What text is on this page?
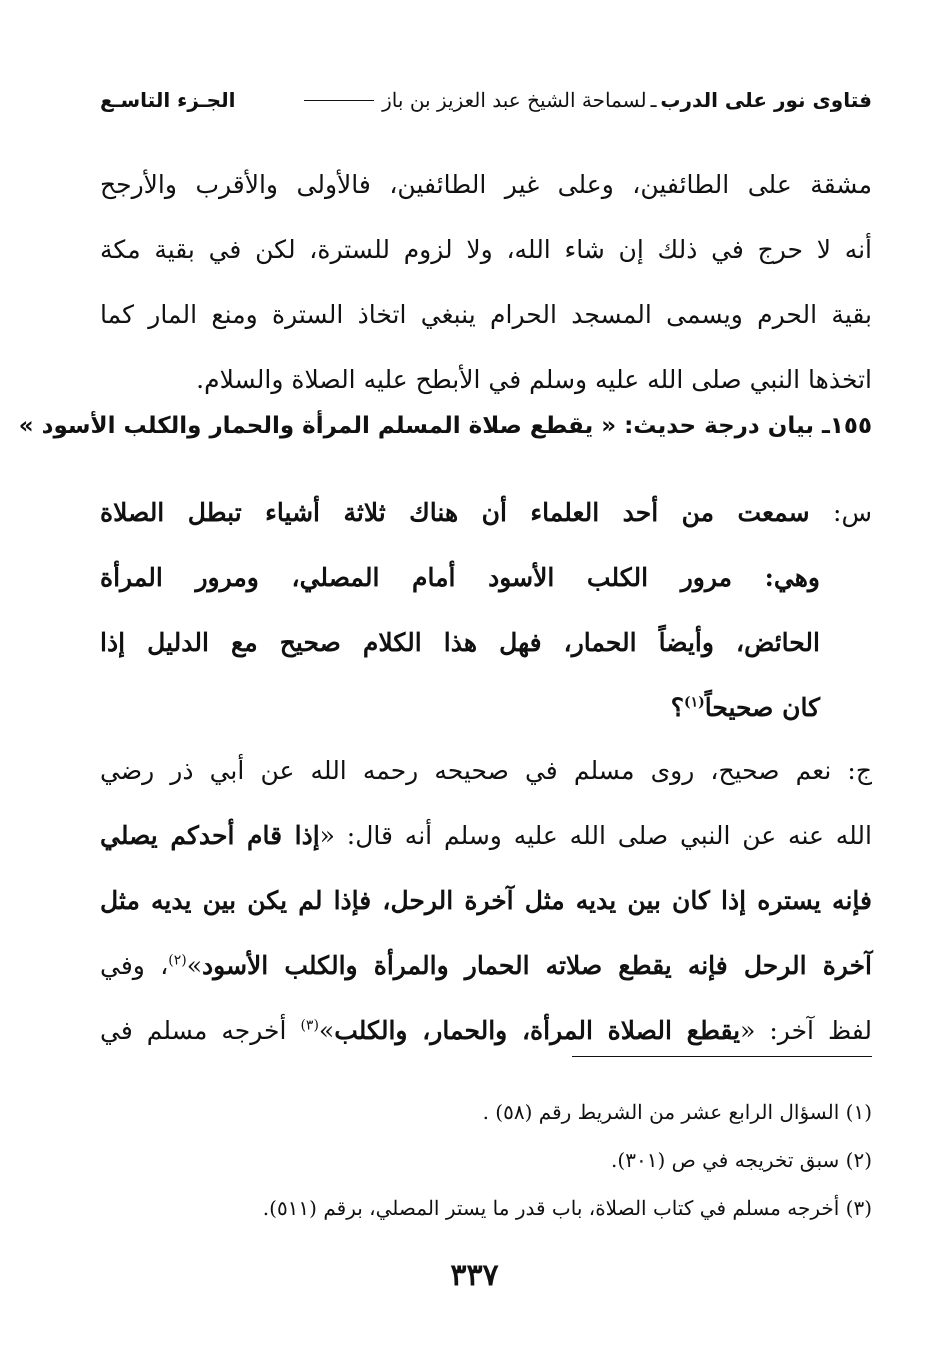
فتاوى نور على الدرب
ـ
لسماحة الشيخ عبد العزيز بن باز
الجـزء التاسـع
مشقة على الطائفين، وعلى غير الطائفين، فالأولى والأقرب والأرجح
أنه لا حرج في ذلك إن شاء الله، ولا لزوم للسترة، لكن في بقية مكة
بقية الحرم ويسمى المسجد الحرام ينبغي اتخاذ السترة ومنع المار كما
اتخذها النبي صلى الله عليه وسلم في الأبطح عليه الصلاة والسلام.
١٥٥ـ بيان درجة حديث: « يقطع صلاة المسلم المرأة والحمار والكلب الأسود »
س: سمعت من أحد العلماء أن هناك ثلاثة أشياء تبطل الصلاة
وهي: مرور الكلب الأسود أمام المصلي، ومرور المرأة
الحائض، وأيضاً الحمار، فهل هذا الكلام صحيح مع الدليل إذا
كان صحيحاً$^{(١)}$؟
ج: نعم صحيح، روى مسلم في صحيحه رحمه الله عن أبي ذر رضي
الله عنه عن النبي صلى الله عليه وسلم أنه قال: «إذا قام أحدكم يصلي
فإنه يستره إذا كان بين يديه مثل آخرة الرحل، فإذا لم يكن بين يديه مثل
آخرة الرحل فإنه يقطع صلاته الحمار والمرأة والكلب الأسود»$^{(٢)}$، وفي
لفظ آخر: «يقطع الصلاة المرأة، والحمار، والكلب»$^{(٣)}$ أخرجه مسلم في
(١) السؤال الرابع عشر من الشريط رقم (٥٨) .
(٢) سبق تخريجه في ص (٣٠١).
(٣) أخرجه مسلم في كتاب الصلاة، باب قدر ما يستر المصلي، برقم (٥١١).
٣٣٧
